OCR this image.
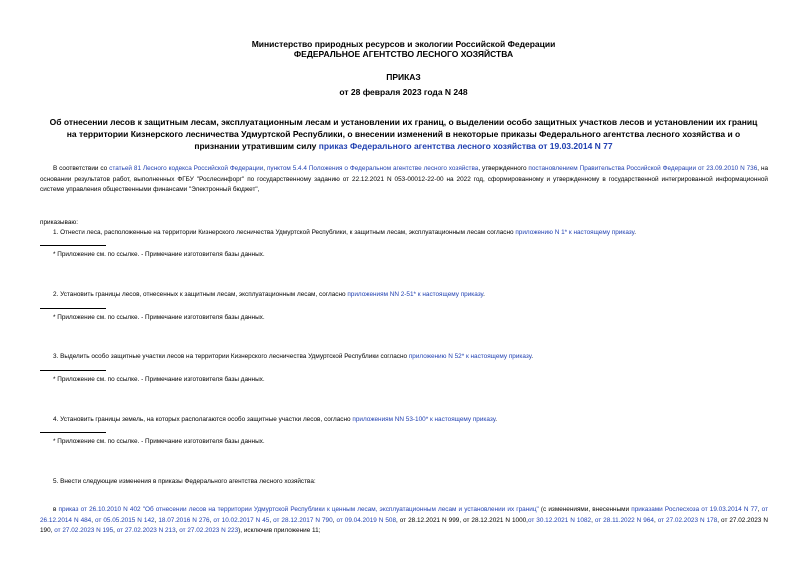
Министерство природных ресурсов и экологии Российской Федерации
ФЕДЕРАЛЬНОЕ АГЕНТСТВО ЛЕСНОГО ХОЗЯЙСТВА
ПРИКАЗ
от 28 февраля 2023 года N 248
Об отнесении лесов к защитным лесам, эксплуатационным лесам и установлении их границ, о выделении особо защитных участков лесов и установлении их границ на территории Кизнерского лесничества Удмуртской Республики, о внесении изменений в некоторые приказы Федерального агентства лесного хозяйства и о признании утратившим силу приказ Федерального агентства лесного хозяйства от 19.03.2014 N 77
В соответствии со статьей 81 Лесного кодекса Российской Федерации, пунктом 5.4.4 Положения о Федеральном агентстве лесного хозяйства, утвержденного постановлением Правительства Российской Федерации от 23.09.2010 N 736, на основании результатов работ, выполненных ФГБУ "Рослесинфорг" по государственному заданию от 22.12.2021 N 053-00012-22-00 на 2022 год, сформированному и утвержденному в государственной интегрированной информационной системе управления общественными финансами "Электронный бюджет",
приказываю:
1. Отнести леса, расположенные на территории Кизнерского лесничества Удмуртской Республики, к защитным лесам, эксплуатационным лесам согласно приложению N 1* к настоящему приказу.
* Приложение см. по ссылке. - Примечание изготовителя базы данных.
2. Установить границы лесов, отнесенных к защитным лесам, эксплуатационным лесам, согласно приложениям NN 2-51* к настоящему приказу.
* Приложение см. по ссылке. - Примечание изготовителя базы данных.
3. Выделить особо защитные участки лесов на территории Кизнерского лесничества Удмуртской Республики согласно приложению N 52* к настоящему приказу.
* Приложение см. по ссылке. - Примечание изготовителя базы данных.
4. Установить границы земель, на которых располагаются особо защитные участки лесов, согласно приложениям NN 53-100* к настоящему приказу.
* Приложение см. по ссылке. - Примечание изготовителя базы данных.
5. Внести следующие изменения в приказы Федерального агентства лесного хозяйства:
в приказ от 26.10.2010 N 402 "Об отнесении лесов на территории Удмуртской Республики к ценным лесам, эксплуатационным лесам и установлении их границ" (с изменениями, внесенными приказами Рослесхоза от 19.03.2014 N 77, от 26.12.2014 N 484, от 05.05.2015 N 142, 18.07.2016 N 276, от 10.02.2017 N 45, от 28.12.2017 N 790, от 09.04.2019 N 508, от 28.12.2021 N 999, от 28.12.2021 N 1000,от 30.12.2021 N 1082, от 28.11.2022 N 964, от 27.02.2023 N 178, от 27.02.2023 N 190, от 27.02.2023 N 195, от 27.02.2023 N 213, от 27.02.2023 N 223), исключив приложение 11;
